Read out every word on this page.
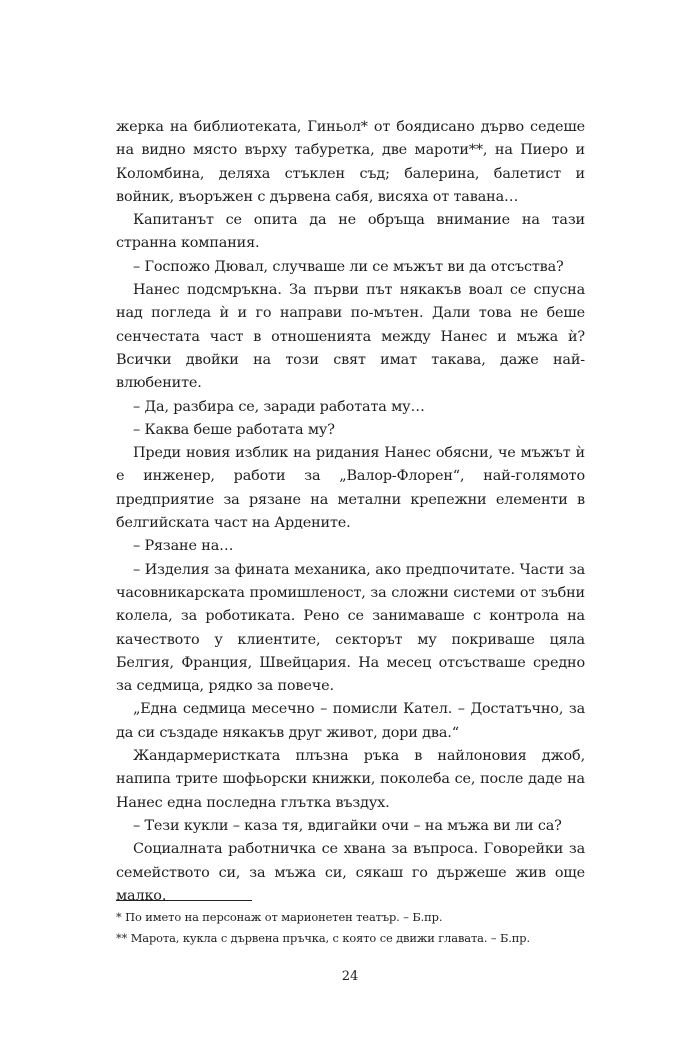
жерка на библиотеката, Гиньол* от боядисано дърво седеше на видно място върху табуретка, две мароти**, на Пиеро и Коломбина, деляха стъклен съд; балерина, балетист и войник, въоръжен с дървена сабя, висяха от тавана…

Капитанът се опита да не обръща внимание на тази странна компания.

– Госпожо Дювал, случваше ли се мъжът ви да отсъства?

Нанес подсмръкна. За първи път някакъв воал се спусна над погледа ѝ и го направи по-мътен. Дали това не беше сенчестата част в отношенията между Нанес и мъжа ѝ? Всички двойки на този свят имат такава, даже най-влюбените.

– Да, разбира се, заради работата му…

– Каква беше работата му?

Преди новия изблик на ридания Нанес обясни, че мъжът ѝ е инженер, работи за „Валор-Флорен“, най-голямото предприятие за рязане на метални крепежни елементи в белгийската част на Ардените.

– Рязане на…

– Изделия за фината механика, ако предпочитате. Части за часовникарската промишленост, за сложни системи от зъбни колела, за роботиката. Рено се занимаваше с контрола на качеството у клиентите, секторът му покриваше цяла Белгия, Франция, Швейцария. На месец отсъстваше средно за седмица, рядко за повече.

„Една седмица месечно – помисли Кател. – Достатъчно, за да си създаде някакъв друг живот, дори два.“

Жандармеристката плъзна ръка в найлоновия джоб, напипа трите шофьорски книжки, поколеба се, после даде на Нанес една последна глътка въздух.

– Тези кукли – каза тя, вдигайки очи – на мъжа ви ли са?

Социалната работничка се хвана за въпроса. Говорейки за семейството си, за мъжа си, сякаш го държеше жив още малко.

* По името на персонаж от марионетен театър. – Б.пр.
** Марота, кукла с дървена пръчка, с която се движи главата. – Б.пр.
24
